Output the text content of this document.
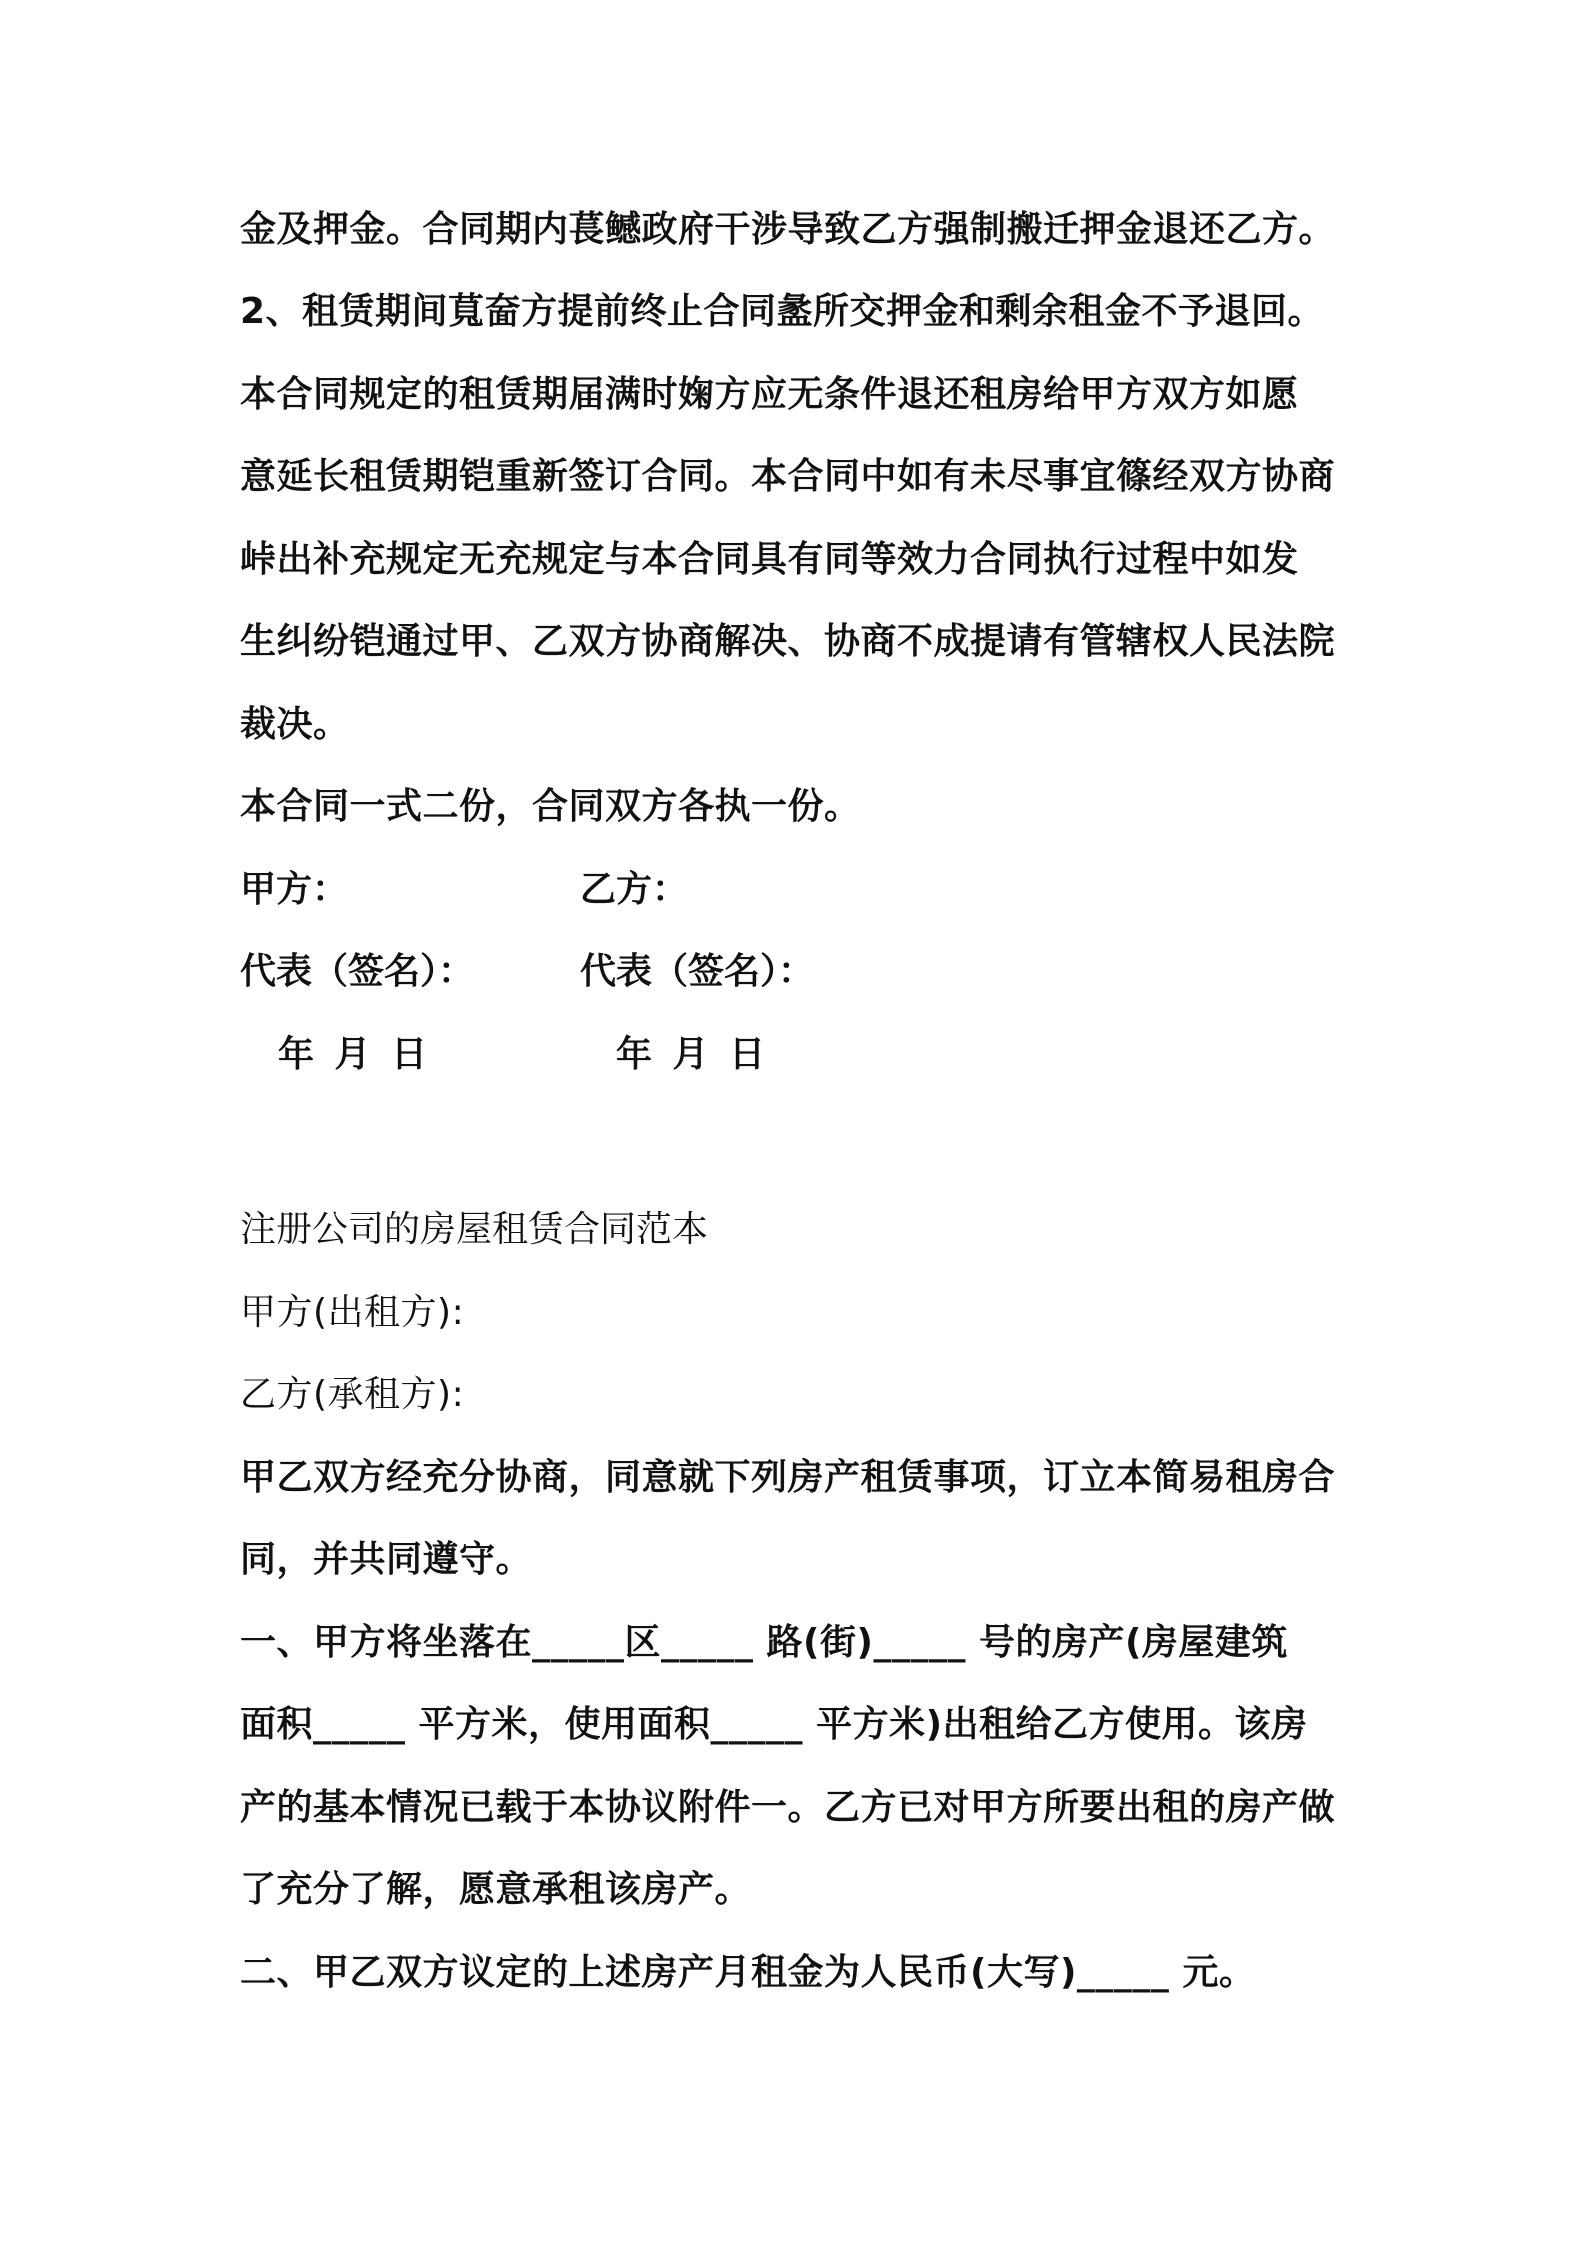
金及押金。合同期内萇鳡政府干涉导致乙方强制搬迁押金退还乙方。
2、租赁期间萈奤方提前终止合同盠所交押金和剩余租金不予退回。
本合同规定的租赁期届满时婅方应无条件退还租房给甲方双方如愿
意延长租赁期铠重新签订合同。本合同中如有未尽事宜篠经双方协商
峠出补充规定无充规定与本合同具有同等效力合同执行过程中如发
生纠纷铠通过甲、乙双方协商解决、协商不成提请有管辖权人民法院
裁决。
本合同一式二份，合同双方各执一份。
甲方：	乙方：
代表（签名）：	代表（签名）：
年 月 日	年 月 日
注册公司的房屋租赁合同范本
甲方(出租方):
乙方(承租方):
甲乙双方经充分协商，同意就下列房产租赁事项，订立本简易租房合
同，并共同遵守。
一、甲方将坐落在_____区_____ 路(街)_____ 号的房产(房屋建筑
面积_____ 平方米，使用面积_____ 平方米)出租给乙方使用。该房
产的基本情况已载于本协议附件一。乙方已对甲方所要出租的房产做
了充分了解，愿意承租该房产。
二、甲乙双方议定的上述房产月租金为人民币(大写)_____ 元。
